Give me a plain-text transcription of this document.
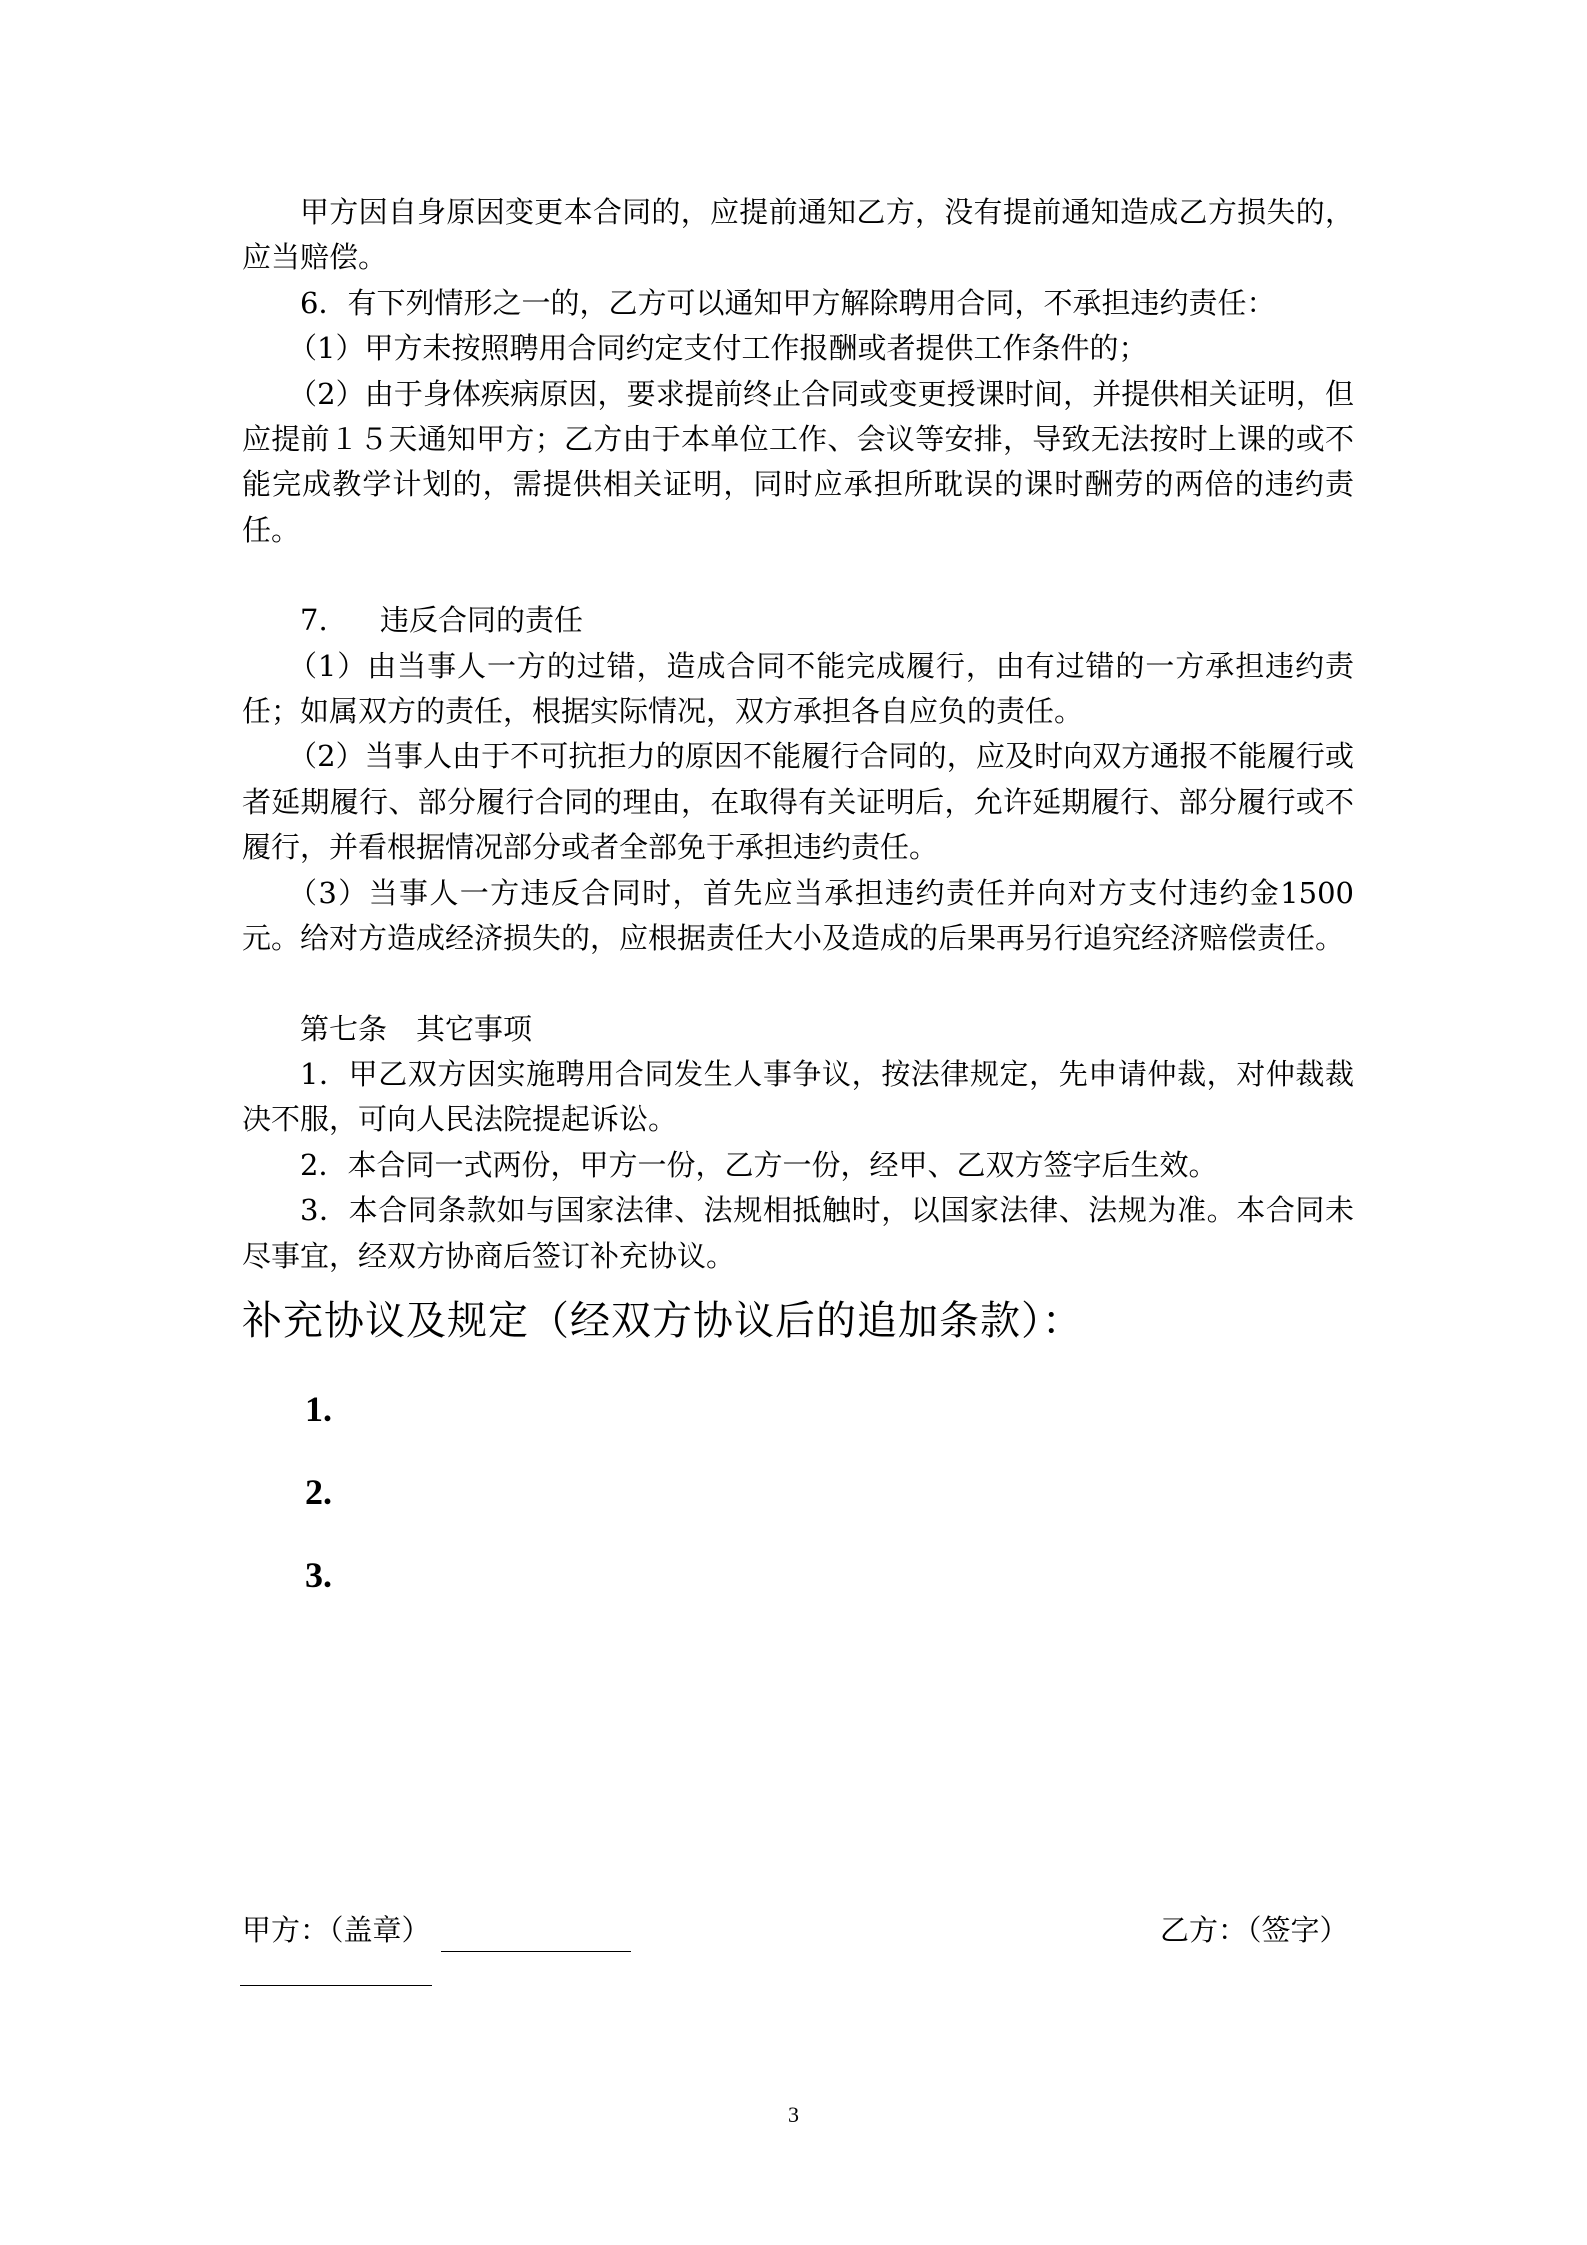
甲方因自身原因变更本合同的，应提前通知乙方，没有提前通知造成乙方损失的，应当赔偿。

6．有下列情形之一的，乙方可以通知甲方解除聘用合同，不承担违约责任：

（1）甲方未按照聘用合同约定支付工作报酬或者提供工作条件的；

（2）由于身体疾病原因，要求提前终止合同或变更授课时间，并提供相关证明，但应提前１５天通知甲方；乙方由于本单位工作、会议等安排，导致无法按时上课的或不能完成教学计划的，需提供相关证明，同时应承担所耽误的课时酬劳的两倍的违约责任。

7. 违反合同的责任

（1）由当事人一方的过错，造成合同不能完成履行，由有过错的一方承担违约责任；如属双方的责任，根据实际情况，双方承担各自应负的责任。

（2）当事人由于不可抗拒力的原因不能履行合同的，应及时向双方通报不能履行或者延期履行、部分履行合同的理由，在取得有关证明后，允许延期履行、部分履行或不履行，并看根据情况部分或者全部免于承担违约责任。

（3）当事人一方违反合同时，首先应当承担违约责任并向对方支付违约金1500元。给对方造成经济损失的，应根据责任大小及造成的后果再另行追究经济赔偿责任。

第七条　其它事项

1．甲乙双方因实施聘用合同发生人事争议，按法律规定，先申请仲裁，对仲裁裁决不服，可向人民法院提起诉讼。

2．本合同一式两份，甲方一份，乙方一份，经甲、乙双方签字后生效。

3．本合同条款如与国家法律、法规相抵触时，以国家法律、法规为准。本合同未尽事宜，经双方协商后签订补充协议。

补充协议及规定（经双方协议后的追加条款）：

1.

2.

3.

甲方：（盖章）	乙方：（签字）
3
